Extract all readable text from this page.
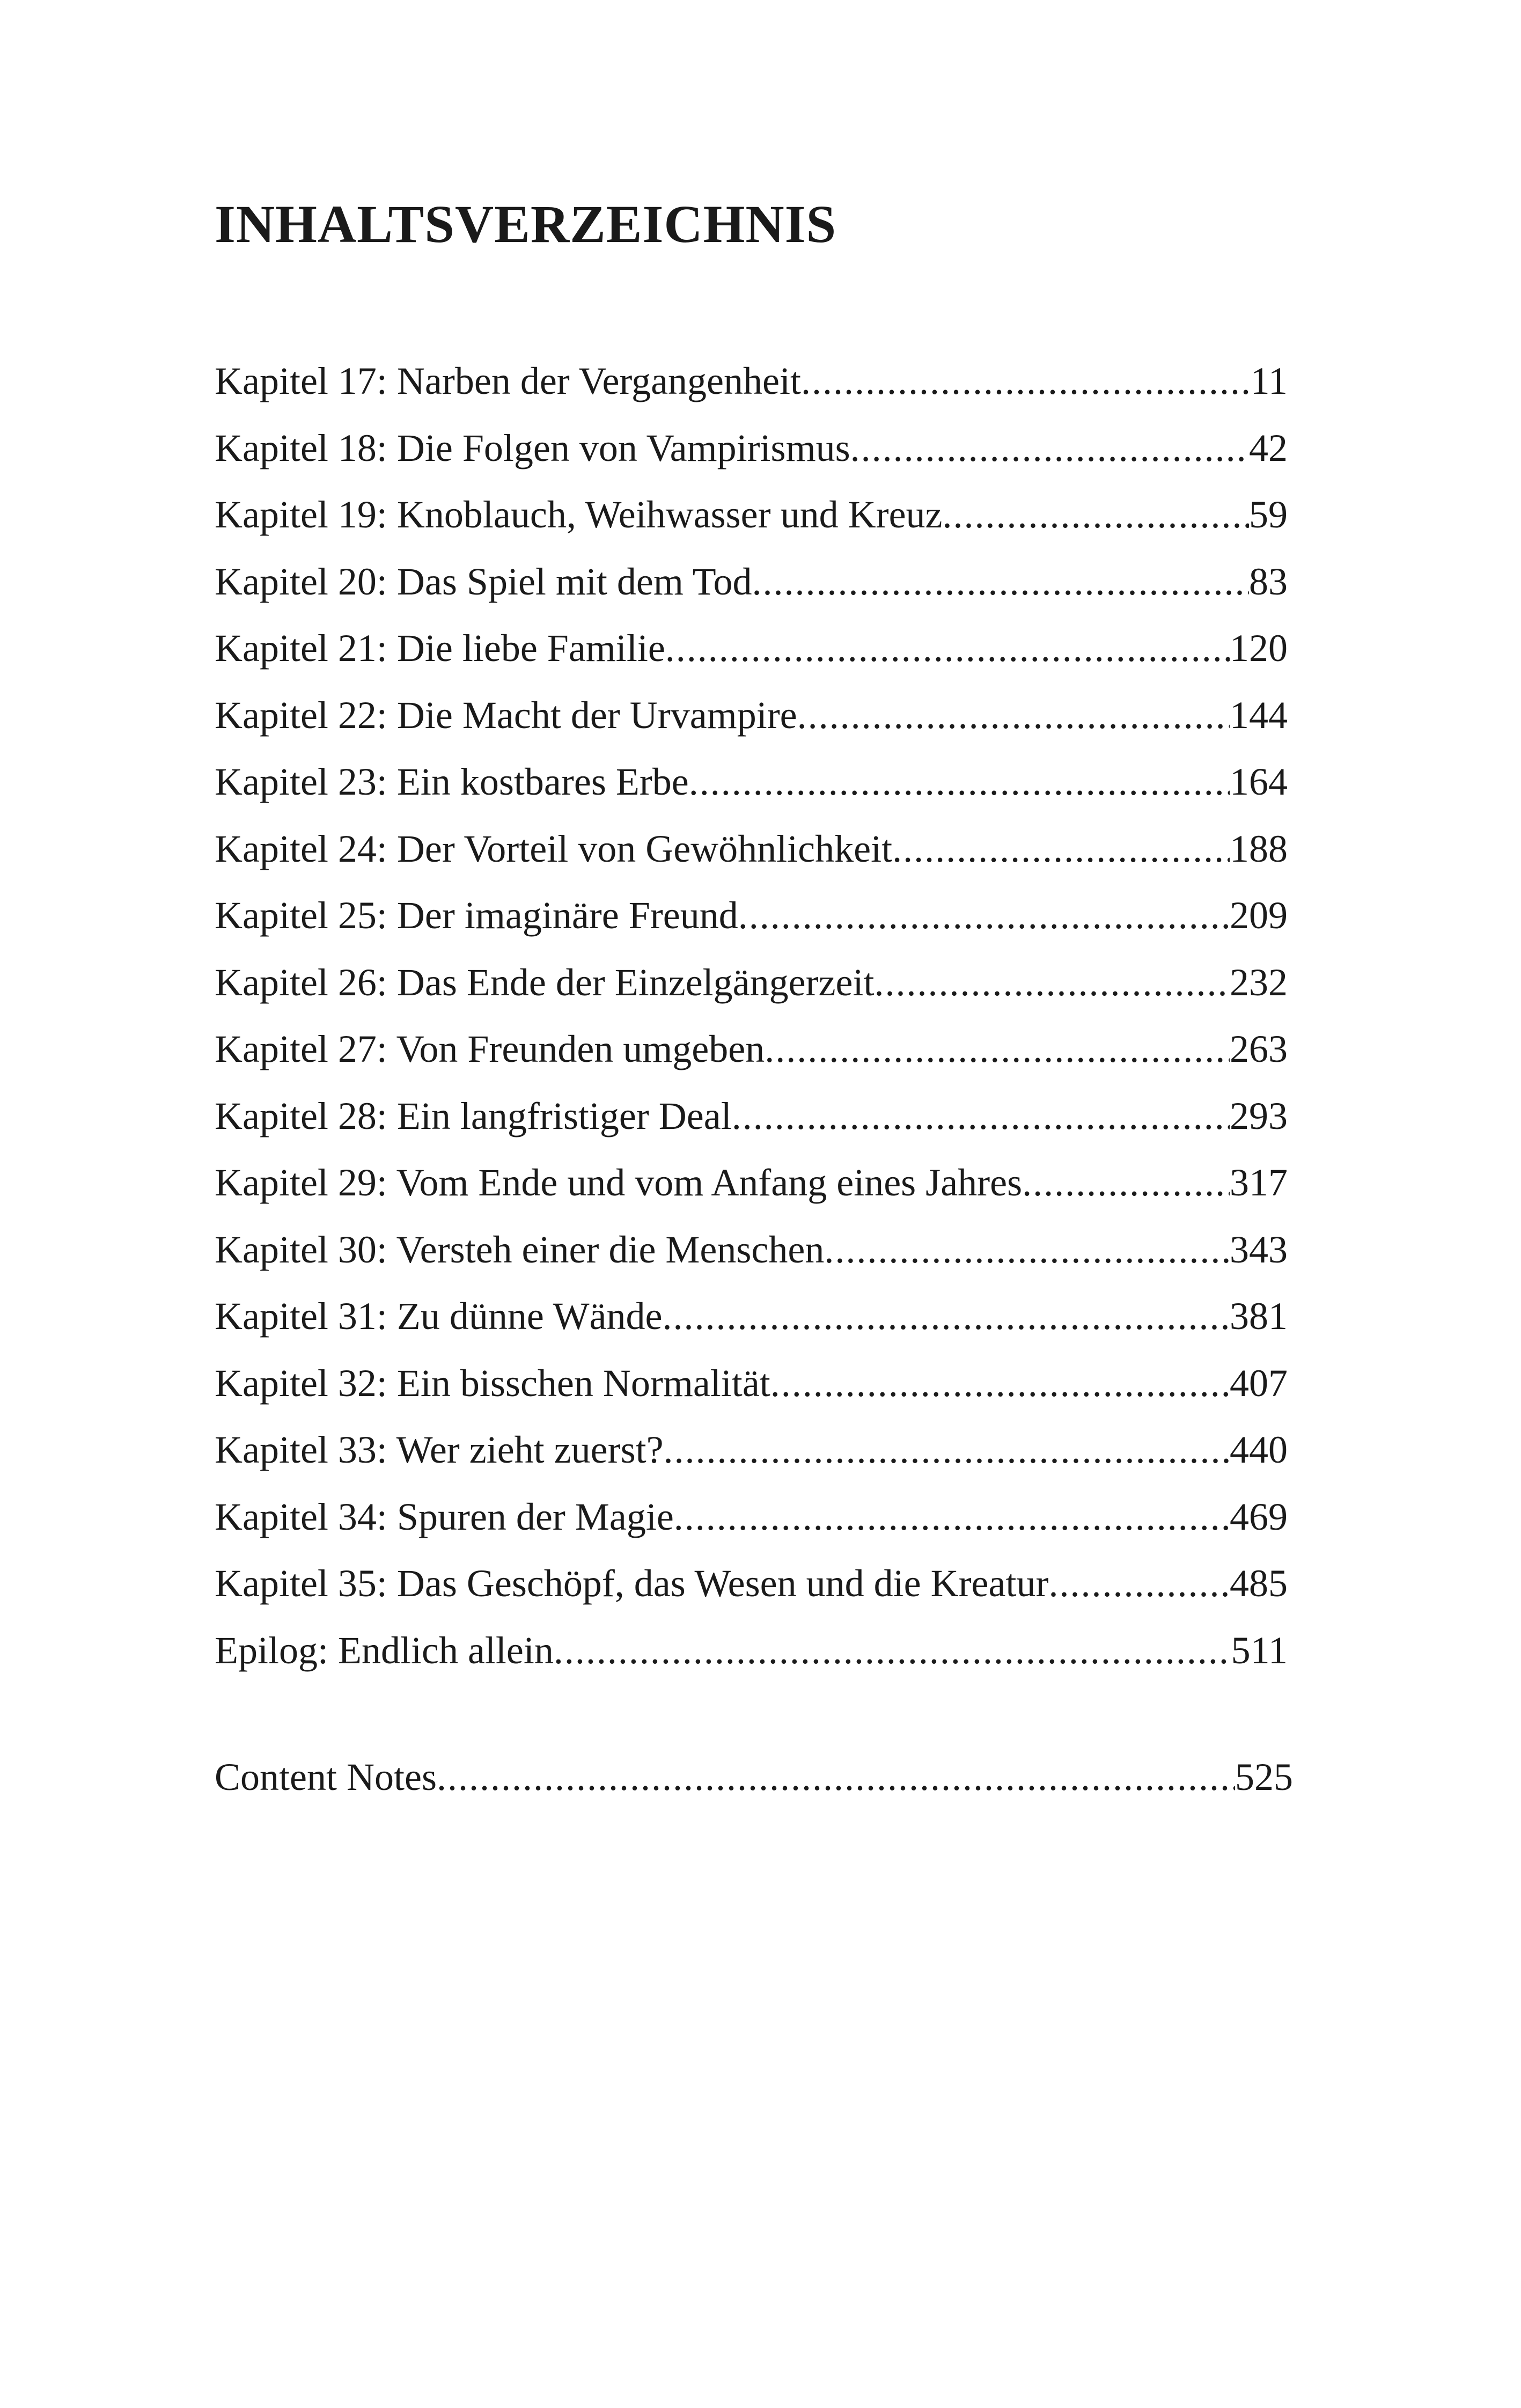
INHALTSVERZEICHNIS
Kapitel 17: Narben der Vergangenheit .....	11
Kapitel 18: Die Folgen von Vampirismus .....	42
Kapitel 19: Knoblauch, Weihwasser und Kreuz .....	59
Kapitel 20: Das Spiel mit dem Tod .....	83
Kapitel 21: Die liebe Familie .....	120
Kapitel 22: Die Macht der Urvampire .....	144
Kapitel 23: Ein kostbares Erbe .....	164
Kapitel 24: Der Vorteil von Gewöhnlichkeit .....	188
Kapitel 25: Der imaginäre Freund .....	209
Kapitel 26: Das Ende der Einzelgängerzeit .....	232
Kapitel 27: Von Freunden umgeben .....	263
Kapitel 28: Ein langfristiger Deal .....	293
Kapitel 29: Vom Ende und vom Anfang eines Jahres .....	317
Kapitel 30: Versteh einer die Menschen .....	343
Kapitel 31: Zu dünne Wände .....	381
Kapitel 32: Ein bisschen Normalität .....	407
Kapitel 33: Wer zieht zuerst? .....	440
Kapitel 34: Spuren der Magie .....	469
Kapitel 35: Das Geschöpf, das Wesen und die Kreatur .....	485
Epilog: Endlich allein .....	511
Content Notes .....	525
